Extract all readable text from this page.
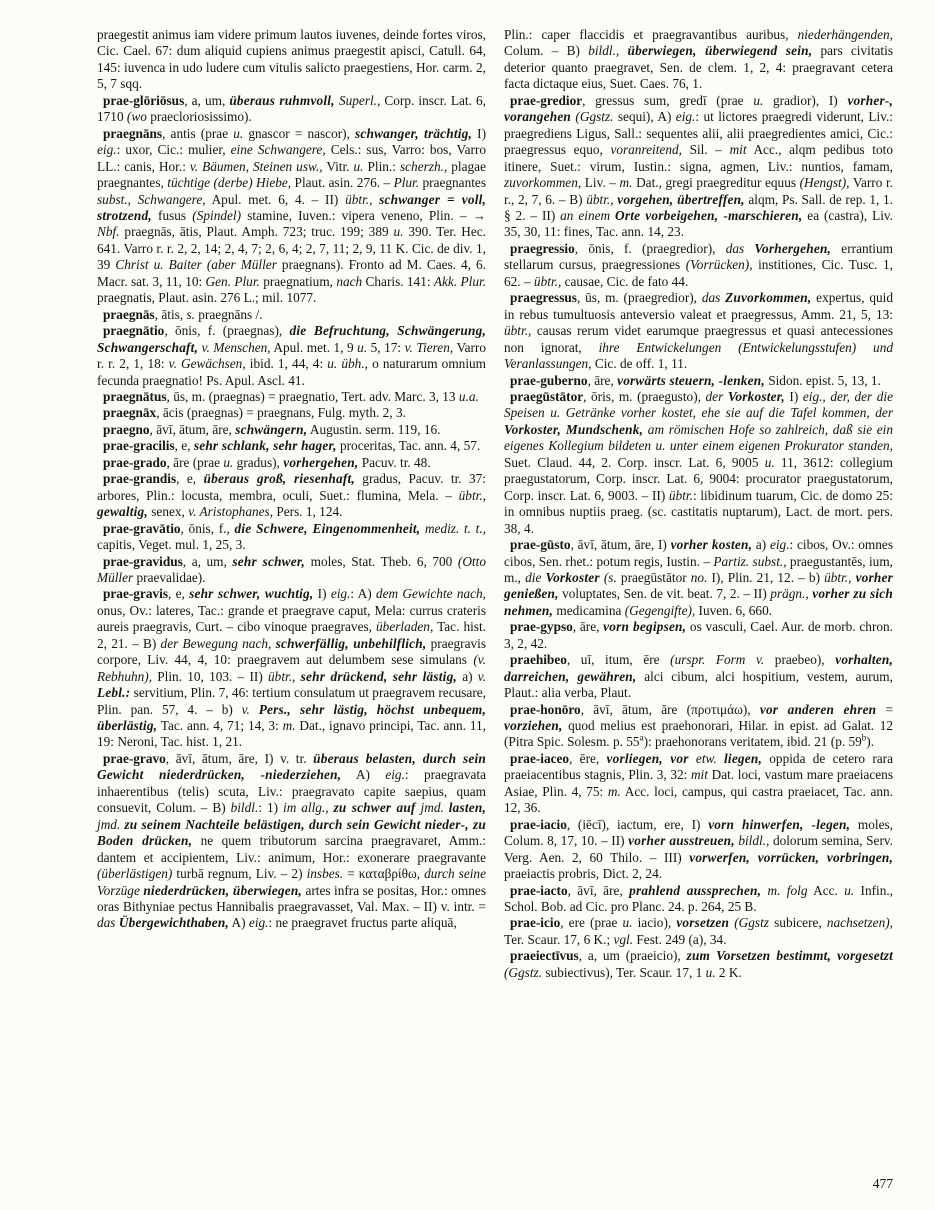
praegestit animus iam videre primum lautos iuvenes, deinde fortes viros, Cic. Cael. 67: dum aliquid cupiens animus praegestit apisci, Catull. 64, 145: iuvenca in udo ludere cum vitulis salicto praegestiens, Hor. carm. 2, 5, 7 sqq.

prae-glōriōsus, a, um, überaus ruhmvoll, Superl., Corp. inscr. Lat. 6, 1710 (wo praecloriosissimo).

praegnāns, antis (prae u. gnascor = nascor), schwanger, trächtig, I) eig.: uxor, Cic.: mulier, eine Schwangere, Cels.: sus, Varro: bos, Varro LL.: canis, Hor.: v. Bäumen, Steinen usw., Vitr. u. Plin.: scherzh., plagae praegnantes, tüchtige (derbe) Hiebe, Plaut. asin. 276. – Plur. praegnantes subst., Schwangere, Apul. met. 6, 4. – II) übtr., schwanger = voll, strotzend, fusus (Spindel) stamine, Iuven.: vipera veneno, Plin. – → Nbf. praegnās, ātis, Plaut. Amph. 723; truc. 199; 389 u. 390. Ter. Hec. 641. Varro r. r. 2, 2, 14; 2, 4, 7; 2, 6, 4; 2, 7, 11; 2, 9, 11 K. Cic. de div. 1, 39 Christ u. Baiter (aber Müller praegnans). Fronto ad M. Caes. 4, 6. Macr. sat. 3, 11, 10: Gen. Plur. praegnatium, nach Charis. 141: Akk. Plur. praegnatis, Plaut. asin. 276 L.; mil. 1077.

praegnās, ātis, s. praegnāns /.

praegnātio, ōnis, f. (praegnas), die Befruchtung, Schwängerung, Schwangerschaft, v. Menschen, Apul. met. 1, 9 u. 5, 17: v. Tieren, Varro r. r. 2, 1, 18: v. Gewächsen, ibid. 1, 44, 4: u. übh., o naturarum omnium fecunda praegnatio! Ps. Apul. Ascl. 41.

praegnātus, ūs, m. (praegnas) = praegnatio, Tert. adv. Marc. 3, 13 u.a.

praegnāx, ācis (praegnas) = praegnans, Fulg. myth. 2, 3.

praegno, āvī, ātum, āre, schwängern, Augustin. serm. 119, 16.

prae-gracilis, e, sehr schlank, sehr hager, proceritas, Tac. ann. 4, 57.

prae-grado, āre (prae u. gradus), vorhergehen, Pacuv. tr. 48.

prae-grandis, e, überaus groß, riesenhaft, gradus, Pacuv. tr. 37: arbores, Plin.: locusta, membra, oculi, Suet.: flumina, Mela. – übtr., gewaltig, senex, v. Aristophanes, Pers. 1, 124.

prae-gravātio, ōnis, f., die Schwere, Eingenommenheit, mediz. t. t., capitis, Veget. mul. 1, 25, 3.

prae-gravidus, a, um, sehr schwer, moles, Stat. Theb. 6, 700 (Otto Müller praevalidae).

prae-gravis, e, sehr schwer, wuchtig, I) eig.: A) dem Gewichte nach, onus, Ov.: lateres, Tac.: grande et praegrave caput, Mela: currus crateris aureis praegravis, Curt. – cibo vinoque praegraves, überladen, Tac. hist. 2, 21. – B) der Bewegung nach, schwerfällig, unbehilflich, praegravis corpore, Liv. 44, 4, 10: praegravem aut delumbem sese simulans (v. Rebhuhn), Plin. 10, 103. – II) übtr., sehr drückend, sehr lästig, a) v. Lebl.: servitium, Plin. 7, 46: tertium consulatum ut praegravem recusare, Plin. pan. 57, 4. – b) v. Pers., sehr lästig, höchst unbequem, überlästig, Tac. ann. 4, 71; 14, 3: m. Dat., ignavo principi, Tac. ann. 11, 19: Neroni, Tac. hist. 1, 21.

prae-gravo, āvī, ātum, āre, I) v. tr. überaus belasten, durch sein Gewicht niederdrücken, -niederziehen, A) eig.: praegravata inhaerentibus (telis) scuta, Liv.: praegravato capite saepius, quam consuevit, Colum. – B) bildl.: 1) im allg., zu schwer auf jmd. lasten, jmd. zu seinem Nachteile belästigen, durch sein Gewicht nieder-, zu Boden drücken, ne quem tributorum sarcina praegravaret, Amm.: dantem et accipientem, Liv.: animum, Hor.: exonerare praegravante (überlästigen) turbā regnum, Liv. – 2) insbes. = καταβρίθω, durch seine Vorzüge niederdrücken, überwiegen, artes infra se positas, Hor.: omnes oras Bithyniae pectus Hannibalis praegravasset, Val. Max. – II) v. intr. = das Übergewichthaben, A) eig.: ne praegravet fructus parte aliquā,

Plin.: caper flaccidis et praegravantibus auribus, niederhängenden, Colum. – B) bildl., überwiegen, überwiegend sein, pars civitatis deterior quanto praegravet, Sen. de clem. 1, 2, 4: praegravant cetera facta dictaque eius, Suet. Caes. 76, 1.

prae-gredior, gressus sum, gredī (prae u. gradior), I) vorher-, vorangehen (Ggstz. sequi), A) eig.: ut lictores praegredi viderunt, Liv.: praegrediens Ligus, Sall.: sequentes alii, alii praegredientes amici, Cic.: praegressus equo, voranreitend, Sil. – mit Acc., alqm pedibus toto itinere, Suet.: virum, Iustin.: signa, agmen, Liv.: nuntios, famam, zuvorkommen, Liv. – m. Dat., gregi praegreditur equus (Hengst), Varro r. r., 2, 7, 6. – B) übtr., vorgehen, übertreffen, alqm, Ps. Sall. de rep. 1, 1. § 2. – II) an einem Orte vorbeigehen, -marschieren, ea (castra), Liv. 35, 30, 11: fines, Tac. ann. 14, 23.

praegressio, ōnis, f. (praegredior), das Vorhergehen, errantium stellarum cursus, praegressiones (Vorrücken), institiones, Cic. Tusc. 1, 62. – übtr., causae, Cic. de fato 44.

praegressus, ūs, m. (praegredior), das Zuvorkommen, expertus, quid in rebus tumultuosis anteversio valeat et praegressus, Amm. 21, 5, 13: übtr., causas rerum videt earumque praegressus et quasi antecessiones non ignorat, ihre Entwickelungen (Entwickelungsstufen) und Veranlassungen, Cic. de off. 1, 11.

prae-guberno, āre, vorwärts steuern, -lenken, Sidon. epist. 5, 13, 1.

praegūstātor, ōris, m. (praegusto), der Vorkoster, I) eig., der, der die Speisen u. Getränke vorher kostet, ehe sie auf die Tafel kommen, der Vorkoster, Mundschenk, am römischen Hofe so zahlreich, daß sie ein eigenes Kollegium bildeten u. unter einem eigenen Prokurator standen, Suet. Claud. 44, 2. Corp. inscr. Lat. 6, 9005 u. 11, 3612: collegium praegustatorum, Corp. inscr. Lat. 6, 9004: procurator praegustatorum, Corp. inscr. Lat. 6, 9003. – II) übtr.: libidinum tuarum, Cic. de domo 25: in omnibus nuptiis praeg. (sc. castitatis nuptarum), Lact. de mort. pers. 38, 4.

prae-gūsto, āvī, ātum, āre, I) vorher kosten, a) eig.: cibos, Ov.: omnes cibos, Sen. rhet.: potum regis, Iustin. – Partiz. subst., praegustantēs, ium, m., die Vorkoster (s. praegūstātor no. I), Plin. 21, 12. – b) übtr., vorher genießen, voluptates, Sen. de vit. beat. 7, 2. – II) prägn., vorher zu sich nehmen, medicamina (Gegengifte), Iuven. 6, 660.

prae-gypso, āre, vorn begipsen, os vasculi, Cael. Aur. de morb. chron. 3, 2, 42.

praehibeo, uī, itum, ēre (urspr. Form v. praebeo), vorhalten, darreichen, gewähren, alci cibum, alci hospitium, vestem, aurum, Plaut.: alia verba, Plaut.

prae-honōro, āvī, ātum, āre (προτιμάω), vor anderen ehren = vorziehen, quod melius est praehonorari, Hilar. in epist. ad Galat. 12 (Pitra Spic. Solesm. p. 55$^a$): praehonorans veritatem, ibid. 21 (p. 59$^b$).

prae-iaceo, ēre, vorliegen, vor etw. liegen, oppida de cetero rara praeiacentibus stagnis, Plin. 3, 32: mit Dat. loci, vastum mare praeiacens Asiae, Plin. 4, 75: m. Acc. loci, campus, qui castra praeiacet, Tac. ann. 12, 36.

prae-iacio, (iēcī), iactum, ere, I) vorn hinwerfen, -legen, moles, Colum. 8, 17, 10. – II) vorher ausstreuen, bildl., dolorum semina, Serv. Verg. Aen. 2, 60 Thilo. – III) vorwerfen, vorrücken, vorbringen, praeiactis probris, Dict. 2, 24.

prae-iacto, āvī, āre, prahlend aussprechen, m. folg Acc. u. Infin., Schol. Bob. ad Cic. pro Planc. 24. p. 264, 25 B.

prae-icio, ere (prae u. iacio), vorsetzen (Ggstz subicere, nachsetzen), Ter. Scaur. 17, 6 K.; vgl. Fest. 249 (a), 34.

praeiectīvus, a, um (praeicio), zum Vorsetzen bestimmt, vorgesetzt (Ggstz. subiectivus), Ter. Scaur. 17, 1 u. 2 K.

477
